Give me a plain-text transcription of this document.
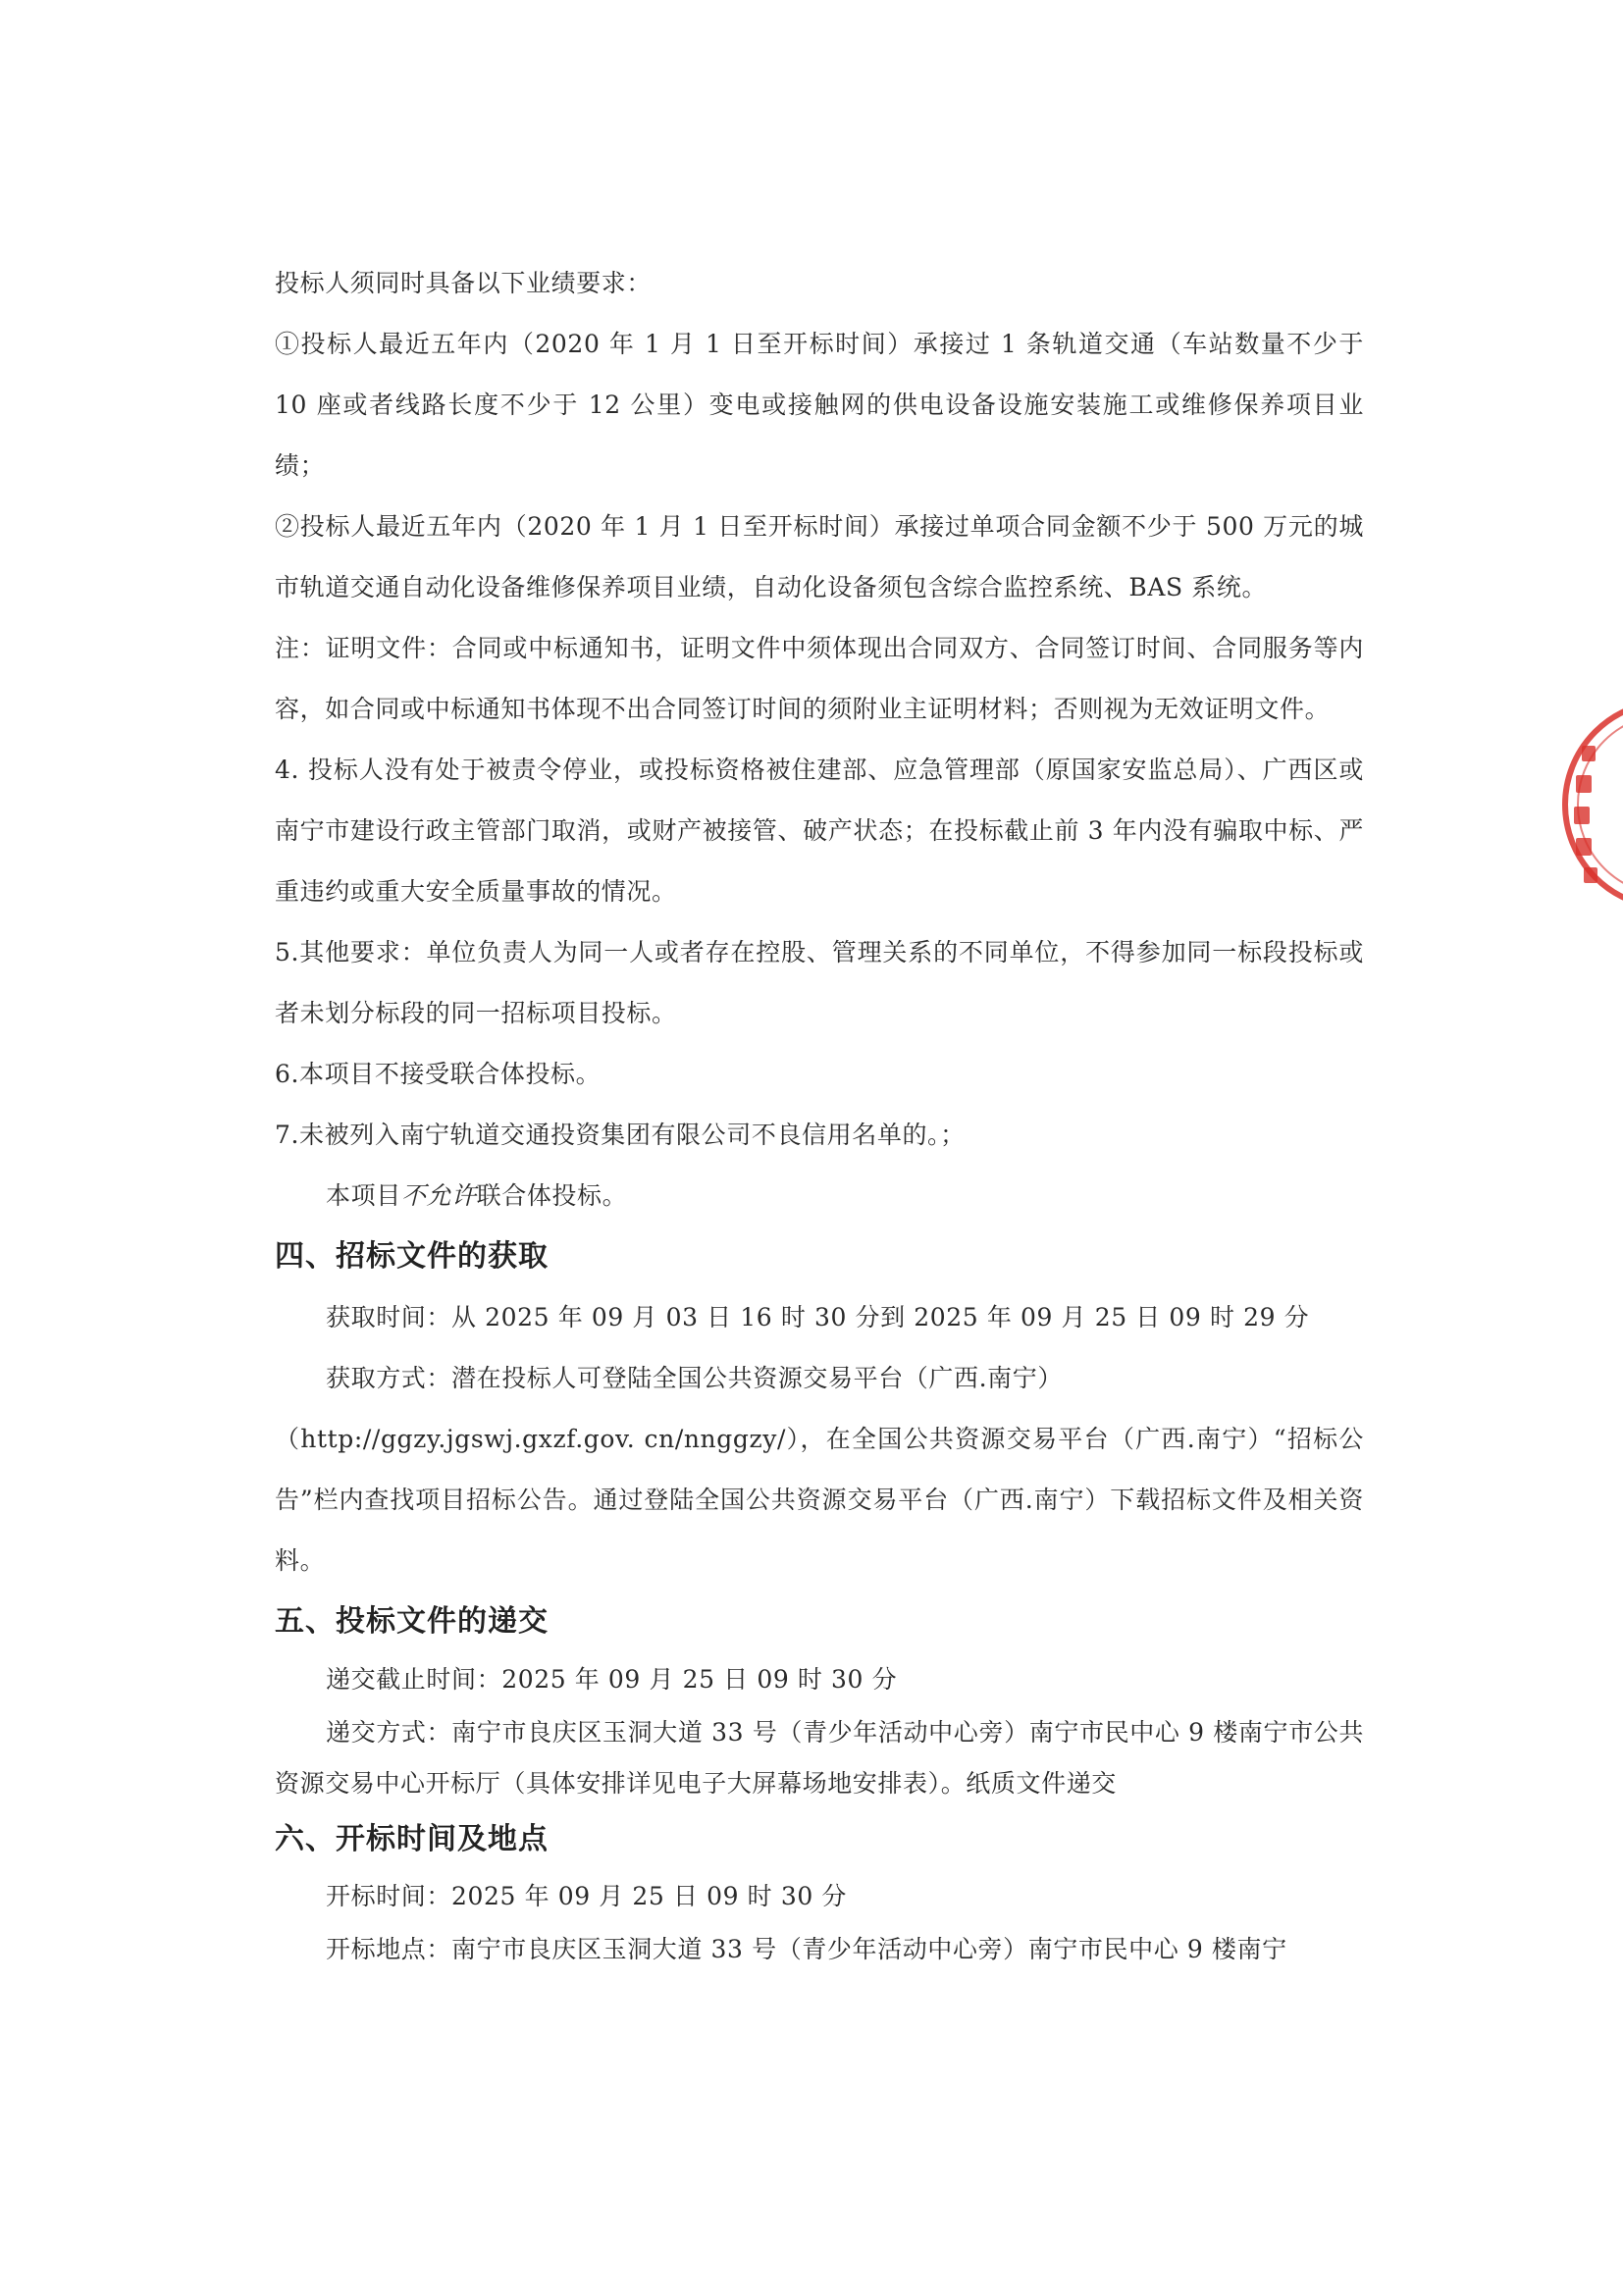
投标人须同时具备以下业绩要求：

①投标人最近五年内（2020 年 1 月 1 日至开标时间）承接过 1 条轨道交通（车站数量不少于 10 座或者线路长度不少于 12 公里）变电或接触网的供电设备设施安装施工或维修保养项目业绩；

②投标人最近五年内（2020 年 1 月 1 日至开标时间）承接过单项合同金额不少于 500 万元的城市轨道交通自动化设备维修保养项目业绩，自动化设备须包含综合监控系统、BAS 系统。

注：证明文件：合同或中标通知书，证明文件中须体现出合同双方、合同签订时间、合同服务等内容，如合同或中标通知书体现不出合同签订时间的须附业主证明材料；否则视为无效证明文件。

4. 投标人没有处于被责令停业，或投标资格被住建部、应急管理部（原国家安监总局）、广西区或南宁市建设行政主管部门取消，或财产被接管、破产状态；在投标截止前 3 年内没有骗取中标、严重违约或重大安全质量事故的情况。

5.其他要求：单位负责人为同一人或者存在控股、管理关系的不同单位，不得参加同一标段投标或者未划分标段的同一招标项目投标。

6.本项目不接受联合体投标。

7.未被列入南宁轨道交通投资集团有限公司不良信用名单的。；

本项目不允许联合体投标。

四、招标文件的获取

获取时间：从 2025 年 09 月 03 日 16 时 30 分到 2025 年 09 月 25 日 09 时 29 分

获取方式：潜在投标人可登陆全国公共资源交易平台（广西.南宁）

（http://ggzy.jgswj.gxzf.gov. cn/nnggzy/），在全国公共资源交易平台（广西.南宁）“招标公告”栏内查找项目招标公告。通过登陆全国公共资源交易平台（广西.南宁）下载招标文件及相关资料。

五、投标文件的递交

递交截止时间：2025 年 09 月 25 日 09 时 30 分

递交方式：南宁市良庆区玉洞大道 33 号（青少年活动中心旁）南宁市民中心 9 楼南宁市公共资源交易中心开标厅（具体安排详见电子大屏幕场地安排表）。纸质文件递交

六、开标时间及地点

开标时间：2025 年 09 月 25 日 09 时 30 分

开标地点：南宁市良庆区玉洞大道 33 号（青少年活动中心旁）南宁市民中心 9 楼南宁
